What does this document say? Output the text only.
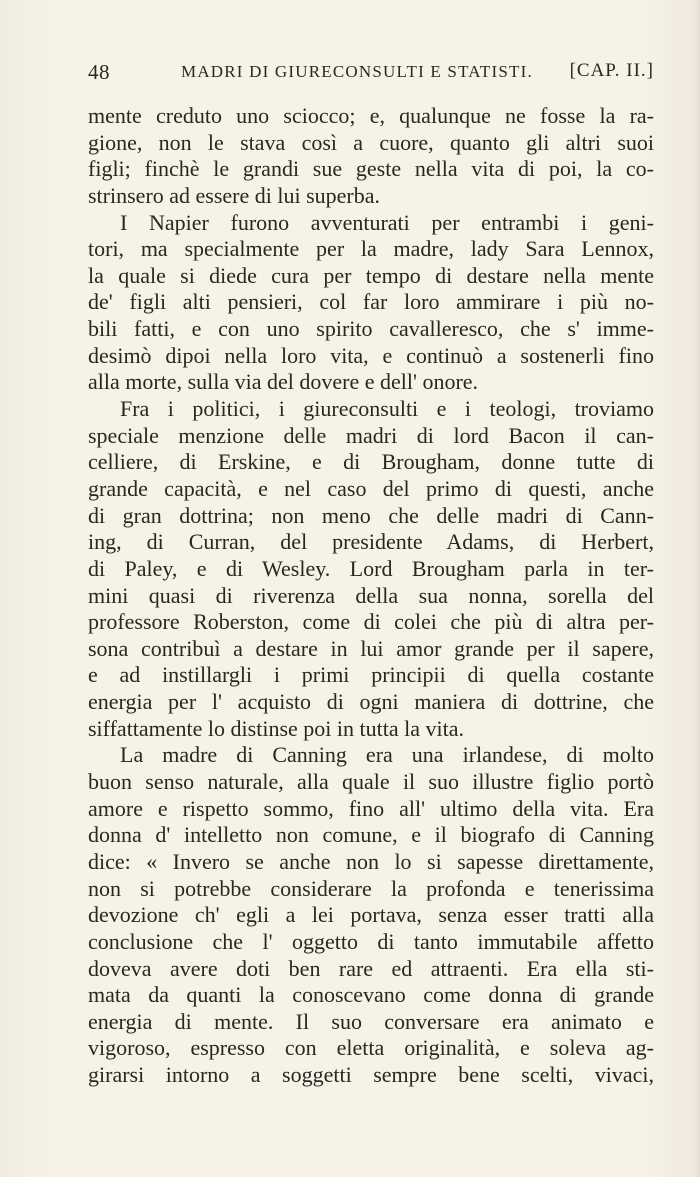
48	MADRI DI GIURECONSULTI E STATISTI. [CAP. II.]
mente creduto uno sciocco; e, qualunque ne fosse la ra-
gione, non le stava così a cuore, quanto gli altri suoi
figli; finchè le grandi sue geste nella vita di poi, la co-
strinsero ad essere di lui superba.
I Napier furono avventurati per entrambi i geni-
tori, ma specialmente per la madre, lady Sara Lennox,
la quale si diede cura per tempo di destare nella mente
de' figli alti pensieri, col far loro ammirare i più no-
bili fatti, e con uno spirito cavalleresco, che s' imme-
desimò dipoi nella loro vita, e continuò a sostenerli fino
alla morte, sulla via del dovere e dell' onore.
Fra i politici, i giureconsulti e i teologi, troviamo
speciale menzione delle madri di lord Bacon il can-
celliere, di Erskine, e di Brougham, donne tutte di
grande capacità, e nel caso del primo di questi, anche
di gran dottrina; non meno che delle madri di Cann-
ing, di Curran, del presidente Adams, di Herbert,
di Paley, e di Wesley. Lord Brougham parla in ter-
mini quasi di riverenza della sua nonna, sorella del
professore Roberston, come di colei che più di altra per-
sona contribuì a destare in lui amor grande per il sapere,
e ad instillargli i primi principii di quella costante
energia per l' acquisto di ogni maniera di dottrine, che
siffattamente lo distinse poi in tutta la vita.
La madre di Canning era una irlandese, di molto
buon senso naturale, alla quale il suo illustre figlio portò
amore e rispetto sommo, fino all' ultimo della vita. Era
donna d' intelletto non comune, e il biografo di Canning
dice: « Invero se anche non lo si sapesse direttamente,
non si potrebbe considerare la profonda e tenerissima
devozione ch' egli a lei portava, senza esser tratti alla
conclusione che l' oggetto di tanto immutabile affetto
doveva avere doti ben rare ed attraenti. Era ella sti-
mata da quanti la conoscevano come donna di grande
energia di mente. Il suo conversare era animato e
vigoroso, espresso con eletta originalità, e soleva ag-
girarsi intorno a soggetti sempre bene scelti, vivaci,
